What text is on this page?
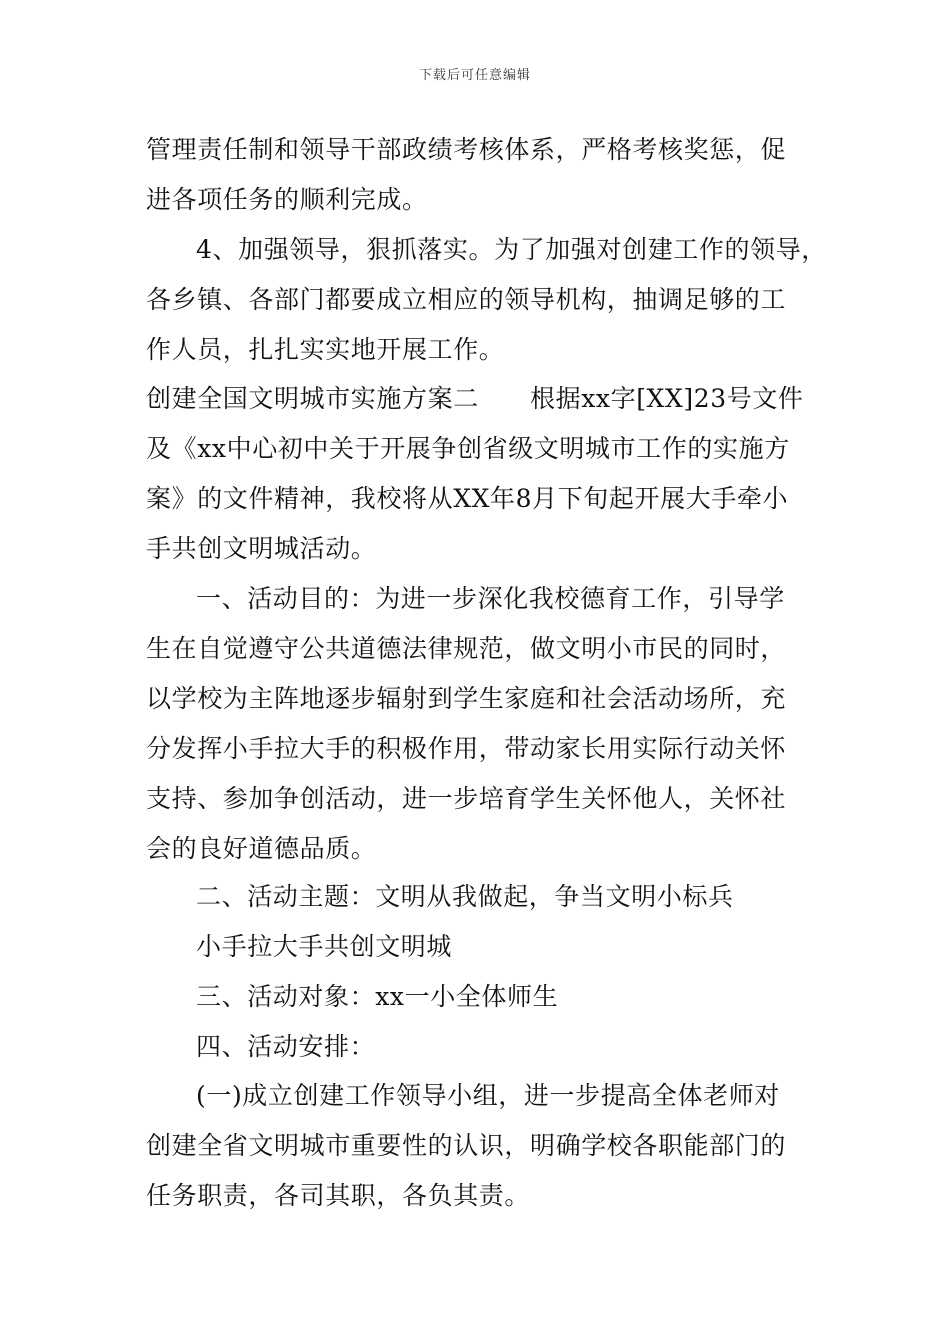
下载后可任意编辑
管理责任制和领导干部政绩考核体系，严格考核奖惩，促
进各项任务的顺利完成。
4、加强领导，狠抓落实。为了加强对创建工作的领导，
各乡镇、各部门都要成立相应的领导机构，抽调足够的工
作人员，扎扎实实地开展工作。
创建全国文明城市实施方案二　　根据xx字[XX]23号文件
及《xx中心初中关于开展争创省级文明城市工作的实施方
案》的文件精神，我校将从XX年8月下旬起开展大手牵小
手共创文明城活动。
一、活动目的：为进一步深化我校德育工作，引导学
生在自觉遵守公共道德法律规范，做文明小市民的同时，
以学校为主阵地逐步辐射到学生家庭和社会活动场所，充
分发挥小手拉大手的积极作用，带动家长用实际行动关怀
支持、参加争创活动，进一步培育学生关怀他人，关怀社
会的良好道德品质。
二、活动主题：文明从我做起，争当文明小标兵
小手拉大手共创文明城
三、活动对象：xx一小全体师生
四、活动安排：
(一)成立创建工作领导小组，进一步提高全体老师对
创建全省文明城市重要性的认识，明确学校各职能部门的
任务职责，各司其职，各负其责。
